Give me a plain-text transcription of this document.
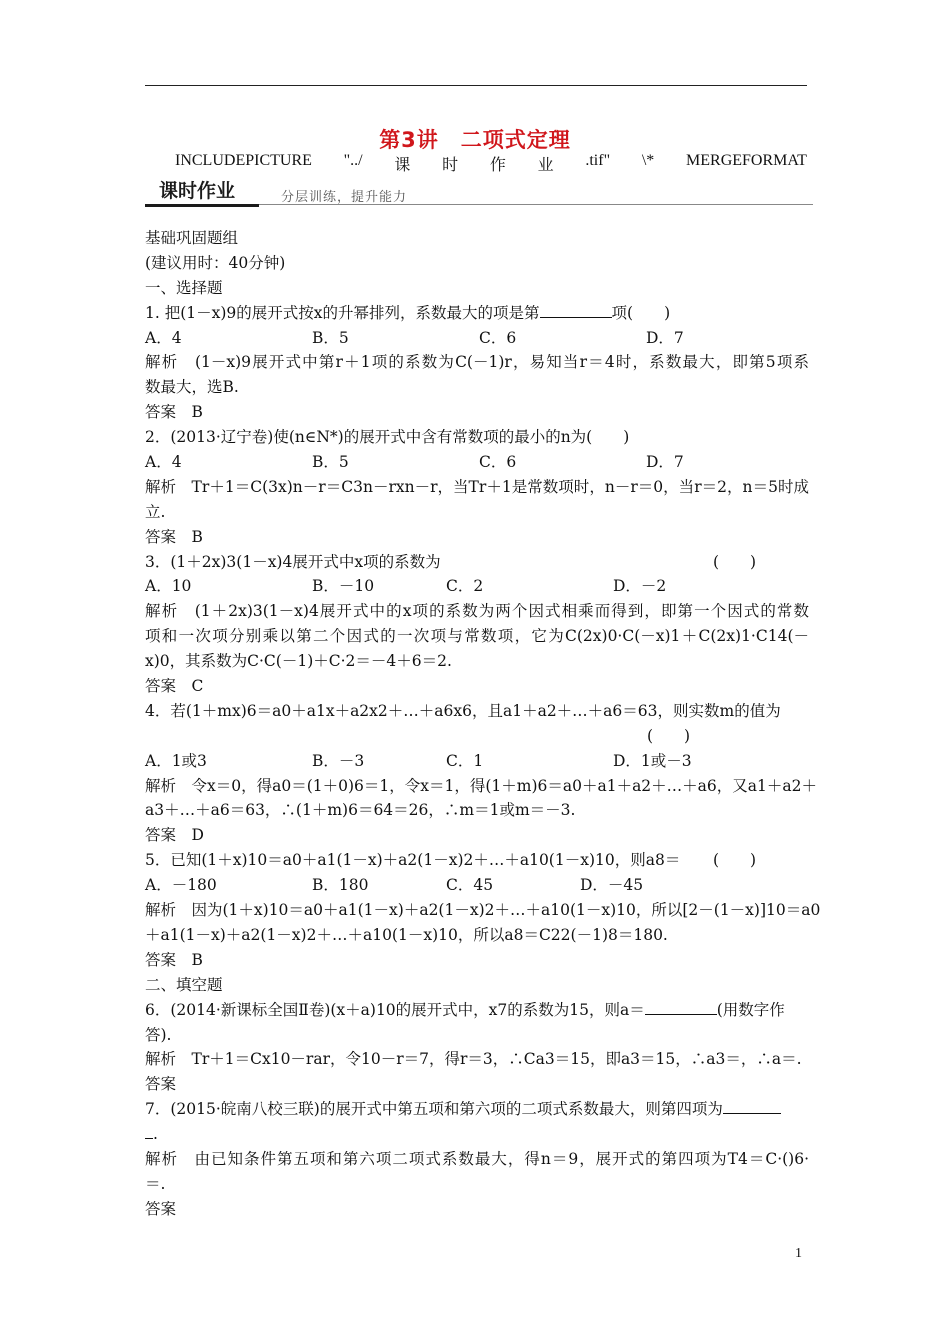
第3讲　二项式定理
INCLUDEPICTURE "../ 课 时 作 业 .tif" \* MERGEFORMAT
课时作业	分层训练，提升能力
基础巩固题组
(建议用时：40分钟)
一、选择题
1. 把(1－x)9的展开式按x的升幂排列，系数最大的项是第	项(　　)
A．4	B．5	C．6	D．7
解析　(1－x)9展开式中第r＋1项的系数为C(－1)r，易知当r＝4时，系数最大，即第5项系
数最大，选B.
答案　B
2．(2013·辽宁卷)使(n∈N*)的展开式中含有常数项的最小的n为(　　)
A．4	B．5	C．6	D．7
解析　Tr＋1＝C(3x)n－r＝C3n－rxn－r，当Tr＋1是常数项时，n－r＝0，当r＝2，n＝5时成
立.
答案　B
3．(1＋2x)3(1－x)4展开式中x项的系数为	(　　)
A．10	B．－10	C．2	D．－2
解析　(1＋2x)3(1－x)4展开式中的x项的系数为两个因式相乘而得到，即第一个因式的常数
项和一次项分别乘以第二个因式的一次项与常数项，它为C(2x)0·C(－x)1＋C(2x)1·C14(－
x)0，其系数为C·C(－1)＋C·2＝－4＋6＝2.
答案　C
4．若(1＋mx)6＝a0＋a1x＋a2x2＋…＋a6x6，且a1＋a2＋…＋a6＝63，则实数m的值为
(　　)
A．1或3	B．－3	C．1	D．1或－3
解析　令x＝0，得a0＝(1＋0)6＝1，令x＝1，得(1＋m)6＝a0＋a1＋a2＋…＋a6，又a1＋a2＋
a3＋…＋a6＝63，∴(1＋m)6＝64＝26，∴m＝1或m＝－3.
答案　D
5．已知(1＋x)10＝a0＋a1(1－x)＋a2(1－x)2＋…＋a10(1－x)10，则a8＝ (　　)
A．－180	B．180	C．45	D．－45
解析　因为(1＋x)10＝a0＋a1(1－x)＋a2(1－x)2＋…＋a10(1－x)10，所以[2－(1－x)]10＝a0
＋a1(1－x)＋a2(1－x)2＋…＋a10(1－x)10，所以a8＝C22(－1)8＝180.
答案　B
二、填空题
6．(2014·新课标全国Ⅱ卷)(x＋a)10的展开式中，x7的系数为15，则a＝	(用数字作
答).
解析　Tr＋1＝Cx10－rar，令10－r＝7，得r＝3，∴Ca3＝15，即a3＝15，∴a3＝，∴a＝.
答案
7．(2015·皖南八校三联)的展开式中第五项和第六项的二项式系数最大，则第四项为
.
解析　由已知条件第五项和第六项二项式系数最大，得n＝9，展开式的第四项为T4＝C·()6·
＝.
答案
1
